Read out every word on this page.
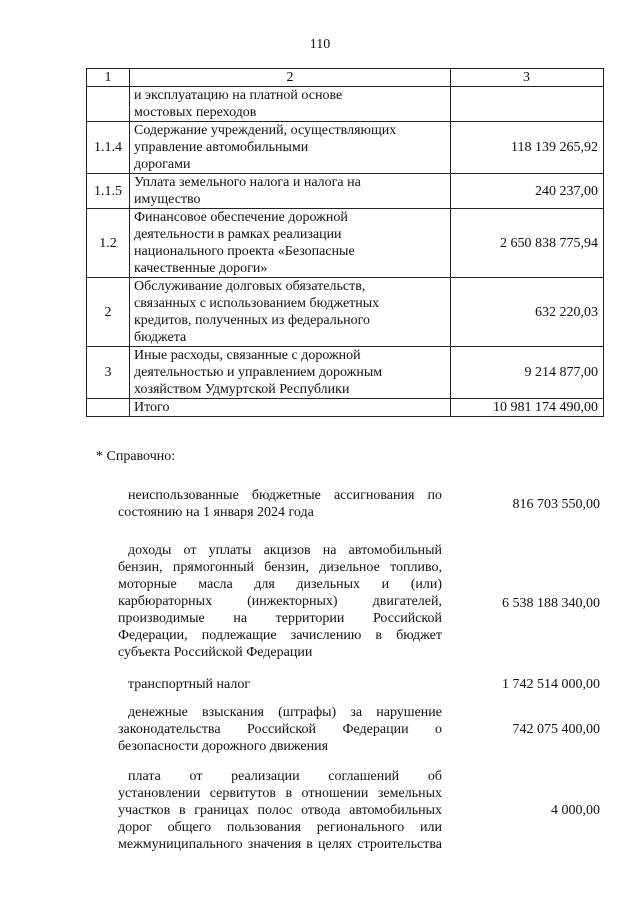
110
1	2	3

	и эксплуатацию на платной основе
мостовых переходов	

1.1.4	Содержание учреждений, осуществляющих
управление автомобильными
дорогами	118 139 265,92
1.1.5	Уплата земельного налога и налога на
имущество	240 237,00
1.2	Финансовое обеспечение дорожной
деятельности в рамках реализации
национального проекта «Безопасные
качественные дороги»	2 650 838 775,94
2	Обслуживание долговых обязательств,
связанных с использованием бюджетных
кредитов, полученных из федерального
бюджета	632 220,03
3	Иные расходы, связанные с дорожной
деятельностью и управлением дорожным
хозяйством Удмуртской Республики	9 214 877,00

	Итого	10 981 174 490,00
* Справочно:
неиспользованные бюджетные ассигнования по
состоянию на 1 января 2024 года
816 703 550,00
доходы от уплаты акцизов на автомобильный
бензин, прямогонный бензин, дизельное топливо,
моторные масла для дизельных и (или)
карбюраторных (инжекторных) двигателей,
производимые на территории Российской
Федерации, подлежащие зачислению в бюджет
субъекта Российской Федерации
6 538 188 340,00
транспортный налог	1 742 514 000,00
денежные взыскания (штрафы) за нарушение
законодательства Российской Федерации о
безопасности дорожного движения
742 075 400,00
плата от реализации соглашений об
установлении сервитутов в отношении земельных
участков в границах полос отвода автомобильных
дорог общего пользования регионального или
межмуниципального значения в целях строительства
4 000,00
